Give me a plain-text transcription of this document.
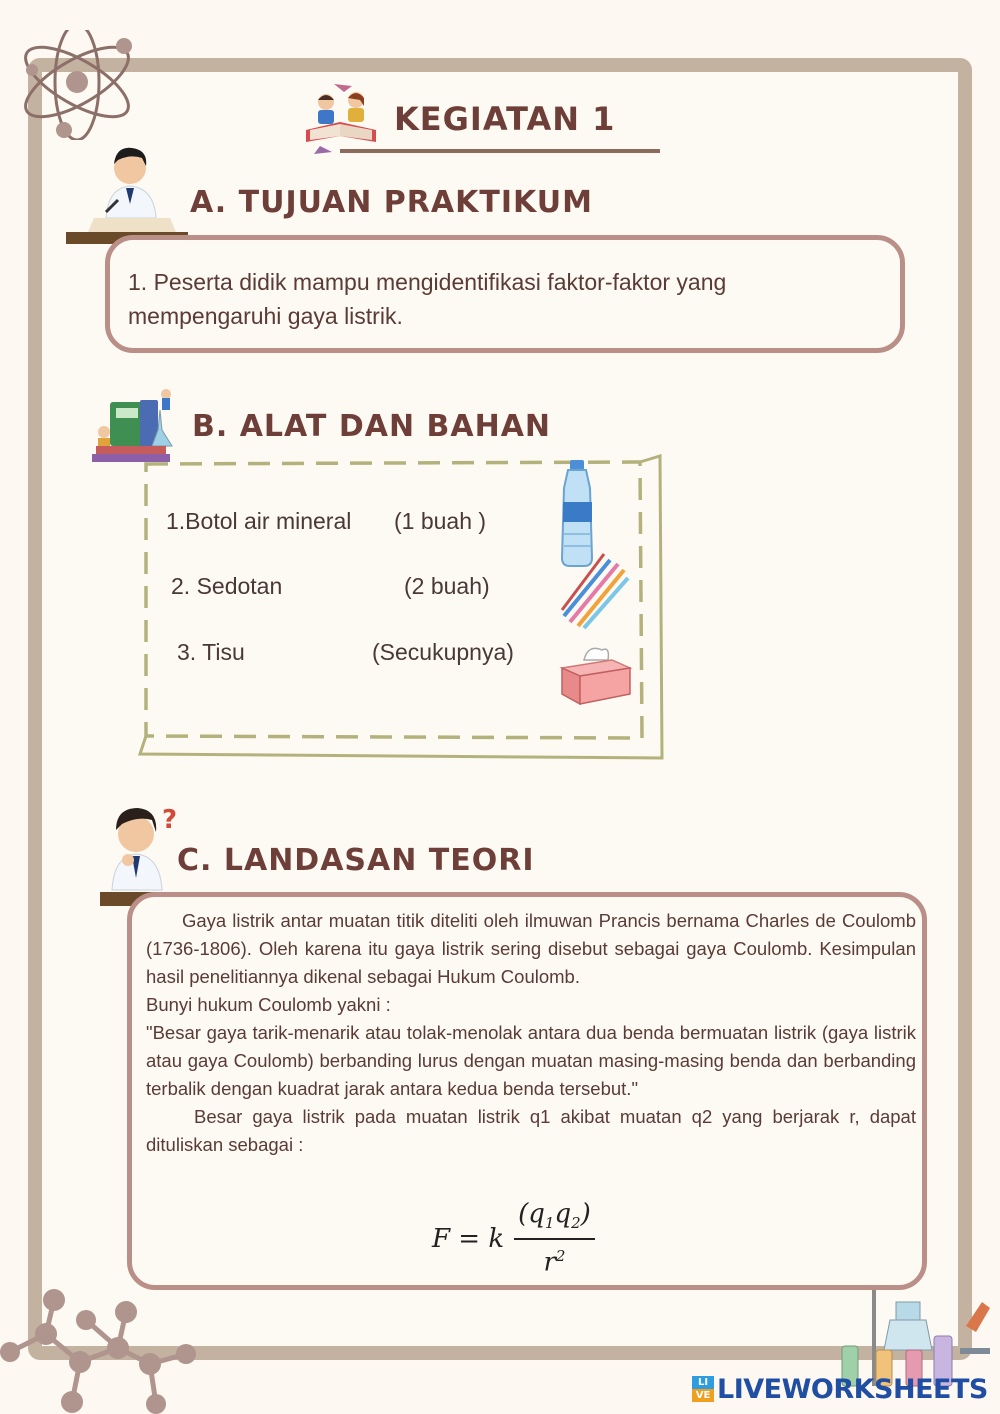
KEGIATAN 1
A. TUJUAN PRAKTIKUM
1. Peserta didik mampu mengidentifikasi faktor-faktor yang
mempengaruhi gaya listrik.
B. ALAT DAN BAHAN
1.Botol air mineral (1 buah )
2. Sedotan	(2 buah)
3. Tisu	(Secukupnya)
?
C. LANDASAN TEORI

Gaya listrik antar muatan titik diteliti oleh ilmuwan Prancis bernama Charles de Coulomb (1736-1806). Oleh karena itu gaya listrik sering disebut sebagai gaya Coulomb. Kesimpulan hasil penelitiannya dikenal sebagai Hukum Coulomb.

Bunyi hukum Coulomb yakni :

"Besar gaya tarik-menarik atau tolak-menolak antara dua benda bermuatan listrik (gaya listrik atau gaya Coulomb) berbanding lurus dengan muatan masing-masing benda dan berbanding terbalik dengan kuadrat jarak antara kedua benda tersebut."

Besar gaya listrik pada muatan listrik q1 akibat muatan q2 yang berjarak r, dapat dituliskan sebagai :

F = k $\frac{(q_1q_2)}{r^2}$
LI
VE LIVEWORKSHEETS
